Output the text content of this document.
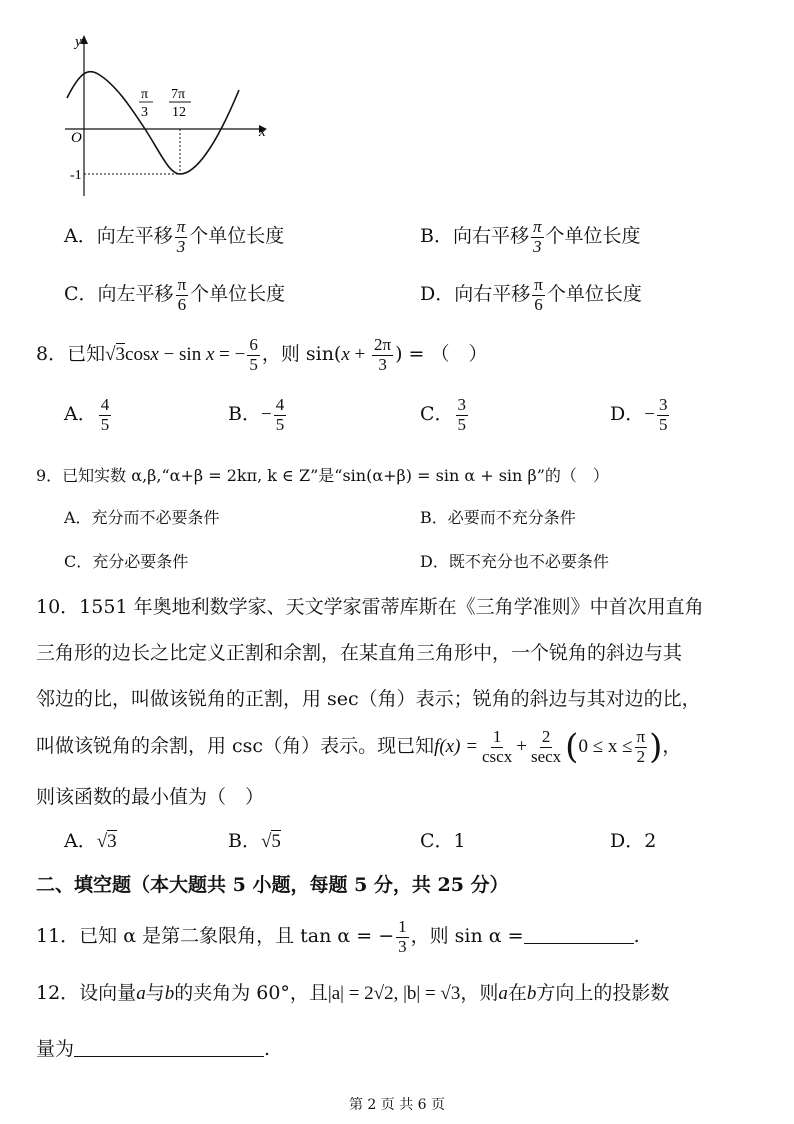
y
x
O
π
3
7π
12
-1
A．向左平移 $\frac{\pi}{3}$ 个单位长度	B．向右平移 $\frac{\pi}{3}$ 个单位长度
C．向左平移 $\frac{\pi}{6}$ 个单位长度	D．向右平移 $\frac{\pi}{6}$ 个单位长度
8．已知√3cosx − sin x = − $\frac{6}{5}$ ，则 $\sin(x + \frac{2\pi}{3}$ ) = （　）
A． $\frac{4}{5}$	B．− $\frac{4}{5}$	C． $\frac{3}{5}$	D．− $\frac{3}{5}$
9．已知实数 α,β,“α+β = 2kπ, k ∈ Z”是“sin(α+β) = sin α + sin β”的（　）
A．充分而不必要条件	B．必要而不充分条件
C．充分必要条件	D．既不充分也不必要条件
10．1551 年奥地利数学家、天文学家雷蒂库斯在《三角学准则》中首次用直角
三角形的边长之比定义正割和余割，在某直角三角形中，一个锐角的斜边与其
邻边的比，叫做该锐角的正割，用 sec（角）表示；锐角的斜边与其对边的比，
叫做该锐角的余割，用 csc（角）表示。现已知$f(x) = \frac{1}{\csc x} + \frac{2}{\sec x} (0 \le x \le \frac{\pi}{2}$ )，
则该函数的最小值为（　）
A．√3	B．√5	C．1	D．2
二、填空题（本大题共 5 小题，每题 5 分，共 25 分）
11．已知 α 是第二象限角，且 tan α = − $\frac{1}{3}$ ，则 sin α =	.
12．设向量a与b的夹角为 60°，且|a| = 2√2, |b| = √3，则a在b方向上的投影数
量为	.
第 2 页 共 6 页
